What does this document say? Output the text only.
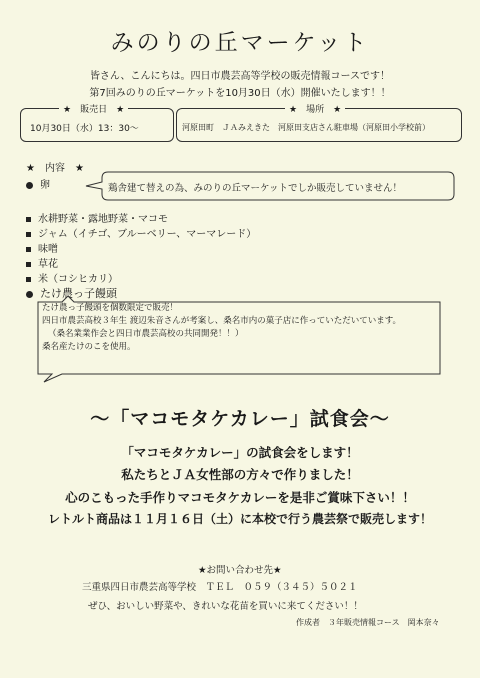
みのりの丘マーケット
皆さん、こんにちは。四日市農芸高等学校の販売情報コースです！
第7回みのりの丘マーケットを10月30日（水）開催いたします！！
★　販売日　★
10月30日（水）13：30～
★　場所　★
河原田町　ＪＡみえきた　河原田支店さん駐車場（河原田小学校前）
★　内容　★
卵	鶏舎建て替えの為、みのりの丘マーケットでしか販売していません！
水耕野菜・露地野菜・マコモ
ジャム（イチゴ、ブルーベリー、マーマレード）
味噌
草花
米（コシヒカリ）
たけ農っ子饅頭
たけ農っ子饅頭を個数限定で販売！
四日市農芸高校３年生 渡辺朱音さんが考案し、桑名市内の菓子店に作っていただいています。
（桑名業業作会と四日市農芸高校の共同開発！！）
桑名産たけのこを使用。
～「マコモタケカレー」試食会～
「マコモタケカレー」の試食会をします！
私たちとＪＡ女性部の方々で作りました！
心のこもった手作りマコモタケカレーを是非ご賞味下さい！！
レトルト商品は１１月１６日（土）に本校で行う農芸祭で販売します！
★お問い合わせ先★
三重県四日市農芸高等学校　ＴＥＬ　０５９（３４５）５０２１
ぜひ、おいしい野菜や、きれいな花苗を買いに来てください！！
作成者　３年販売情報コース　岡本奈々
